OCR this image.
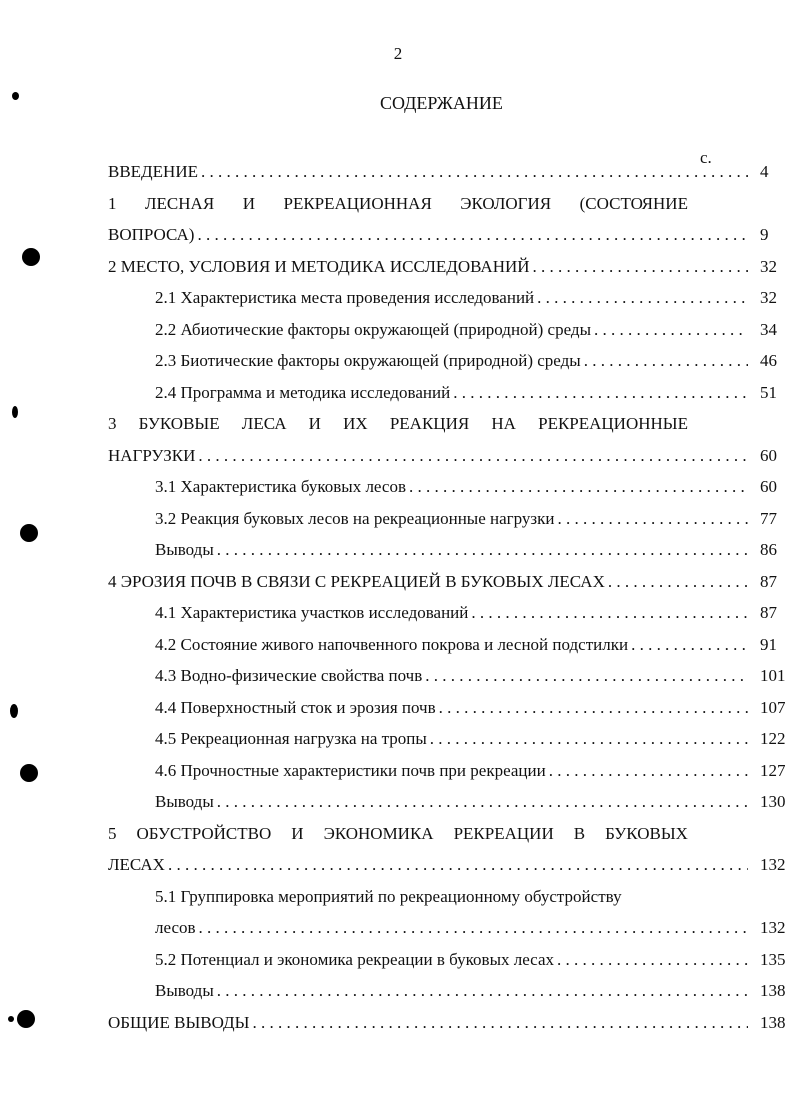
2
СОДЕРЖАНИЕ
с.
ВВЕДЕНИЕ . . .	4
1 ЛЕСНАЯ И РЕКРЕАЦИОННАЯ ЭКОЛОГИЯ (СОСТОЯНИЕ
ВОПРОСА) . . .	9
2 МЕСТО, УСЛОВИЯ И МЕТОДИКА ИССЛЕДОВАНИЙ . . .	32
2.1 Характеристика места проведения исследований . . .	32
2.2 Абиотические факторы окружающей (природной) среды . . .	34
2.3 Биотические факторы окружающей (природной) среды . . .	46
2.4 Программа и методика исследований . . .	51
3 БУКОВЫЕ ЛЕСА И ИХ РЕАКЦИЯ НА РЕКРЕАЦИОННЫЕ
НАГРУЗКИ . . .	60
3.1 Характеристика буковых лесов . . .	60
3.2 Реакция буковых лесов на рекреационные нагрузки . . .	77
Выводы . . .	86
4 ЭРОЗИЯ ПОЧВ В СВЯЗИ С РЕКРЕАЦИЕЙ В БУКОВЫХ ЛЕСАХ . . .	87
4.1 Характеристика участков исследований . . .	87
4.2 Состояние живого напочвенного покрова и лесной подстилки . . .	91
4.3 Водно-физические свойства почв . . .	101
4.4 Поверхностный сток и эрозия почв . . .	107
4.5 Рекреационная нагрузка на тропы . . .	122
4.6 Прочностные характеристики почв при рекреации . . .	127
Выводы . . .	130
5 ОБУСТРОЙСТВО И ЭКОНОМИКА РЕКРЕАЦИИ В БУКОВЫХ
ЛЕСАХ . . .	132
5.1 Группировка мероприятий по рекреационному обустройству
лесов . . .	132
5.2 Потенциал и экономика рекреации в буковых лесах . . .	135
Выводы . . .	138
ОБЩИЕ ВЫВОДЫ . . .	138
